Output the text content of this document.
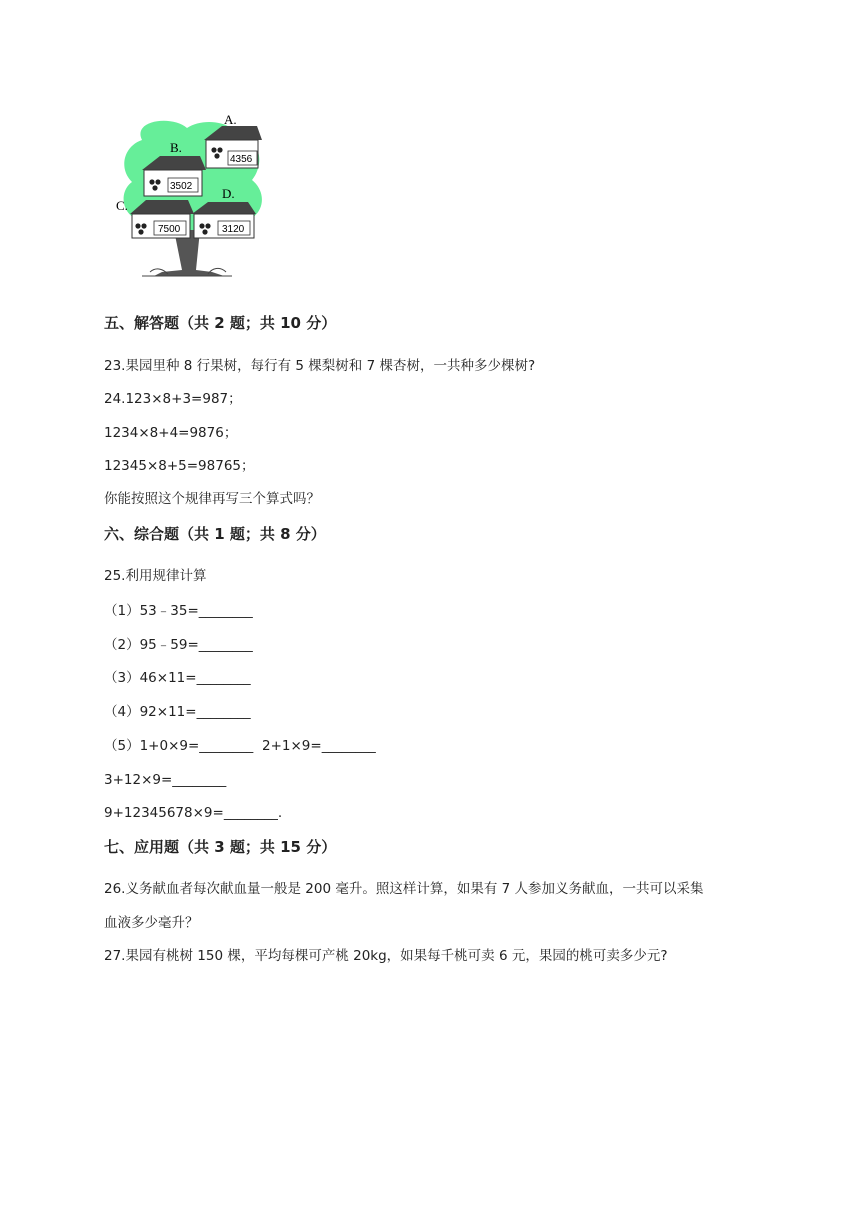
A.
4356
B.
3502
C.
7500
D.
3120
五、解答题（共 2 题；共 10 分）
23.果园里种 8 行果树，每行有 5 棵梨树和 7 棵杏树，一共种多少棵树?
24.123×8+3=987；
1234×8+4=9876；
12345×8+5=98765；
你能按照这个规律再写三个算式吗？
六、综合题（共 1 题；共 8 分）
25.利用规律计算
（1）53﹣35=________
（2）95﹣59=________
（3）46×11=________
（4）92×11=________
（5）1+0×9=________ 2+1×9=________
3+12×9=________
9+12345678×9=________.
七、应用题（共 3 题；共 15 分）
26.义务献血者每次献血量一般是 200 毫升。照这样计算，如果有 7 人参加义务献血，一共可以采集
血液多少毫升？
27.果园有桃树 150 棵，平均每棵可产桃 20kg，如果每千桃可卖 6 元，果园的桃可卖多少元?
